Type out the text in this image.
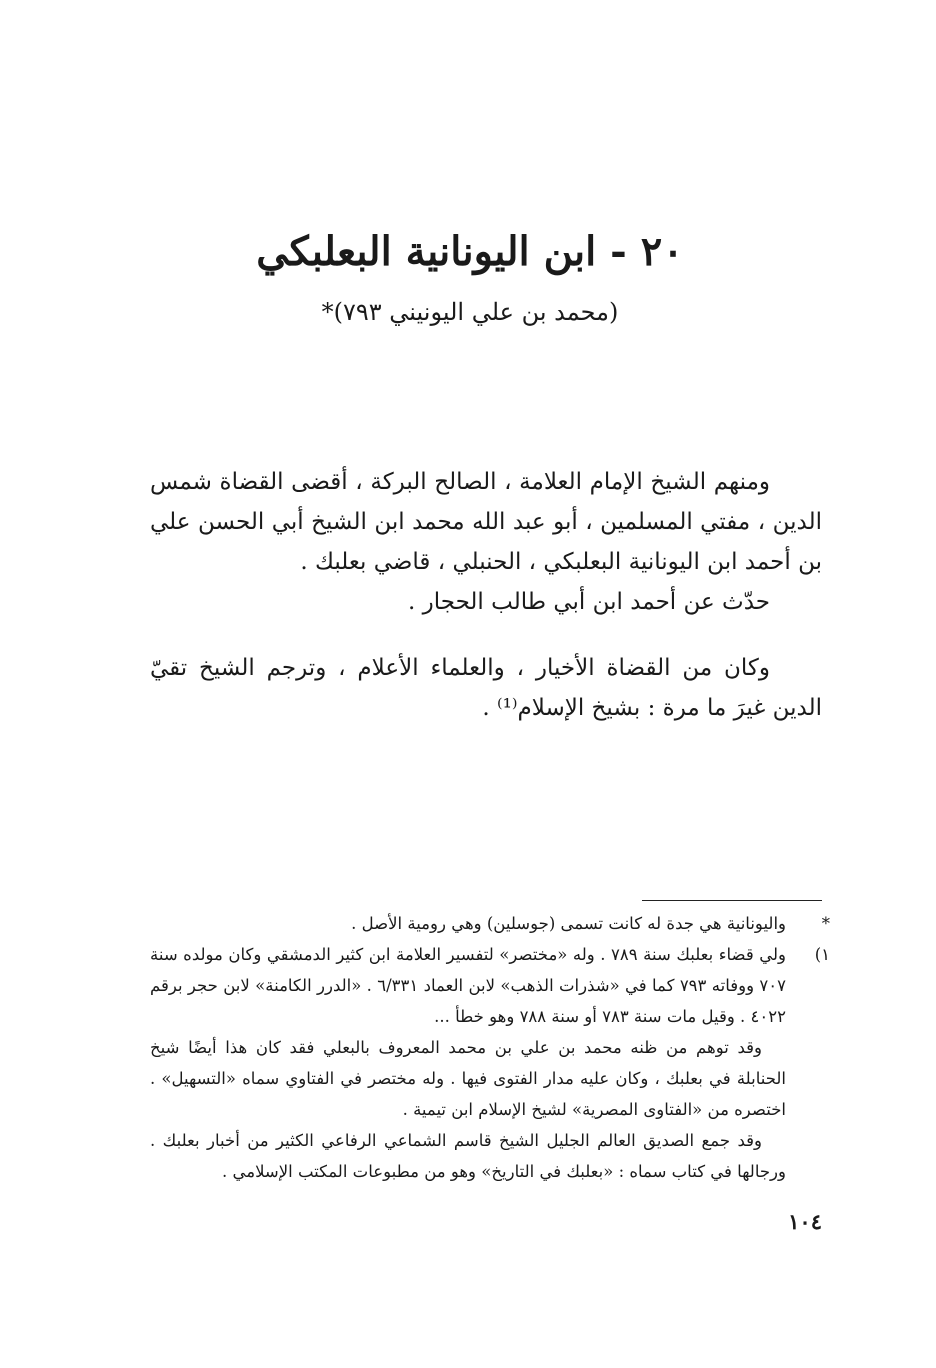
٢٠ - ابن اليونانية البعلبكي
(محمد بن علي اليونيني ٧٩٣)*

ومنهم الشيخ الإمام العلامة ، الصالح البركة ، أقضى القضاة شمس الدين ، مفتي المسلمين ، أبو عبد الله محمد ابن الشيخ أبي الحسن علي بن أحمد ابن اليونانية البعلبكي ، الحنبلي ، قاضي بعلبك .

حدّث عن أحمد ابن أبي طالب الحجار .

وكان من القضاة الأخيار ، والعلماء الأعلام ، وترجم الشيخ تقيّ الدين غيرَ ما مرة : بشيخ الإسلام⁽¹⁾ .

*
واليونانية هي جدة له كانت تسمى (جوسلين) وهي رومية الأصل .
١)
ولي قضاء بعلبك سنة ٧٨٩ . وله «مختصر» لتفسير العلامة ابن كثير الدمشقي وكان مولده سنة ٧٠٧ ووفاته ٧٩٣ كما في «شذرات الذهب» لابن العماد ٦/٣٣١ . «الدرر الكامنة» لابن حجر برقم ٤٠٢٢ . وقيل مات سنة ٧٨٣ أو سنة ٧٨٨ وهو خطأ ...
وقد توهم من ظنه محمد بن علي بن محمد المعروف بالبعلي فقد كان هذا أيضًا شيخ الحنابلة في بعلبك ، وكان عليه مدار الفتوى فيها . وله مختصر في الفتاوي سماه «التسهيل» . اختصره من «الفتاوى المصرية» لشيخ الإسلام ابن تيمية .
وقد جمع الصديق العالم الجليل الشيخ قاسم الشماعي الرفاعي الكثير من أخبار بعلبك . ورجالها في كتاب سماه : «بعلبك في التاريخ» وهو من مطبوعات المكتب الإسلامي .
١٠٤
